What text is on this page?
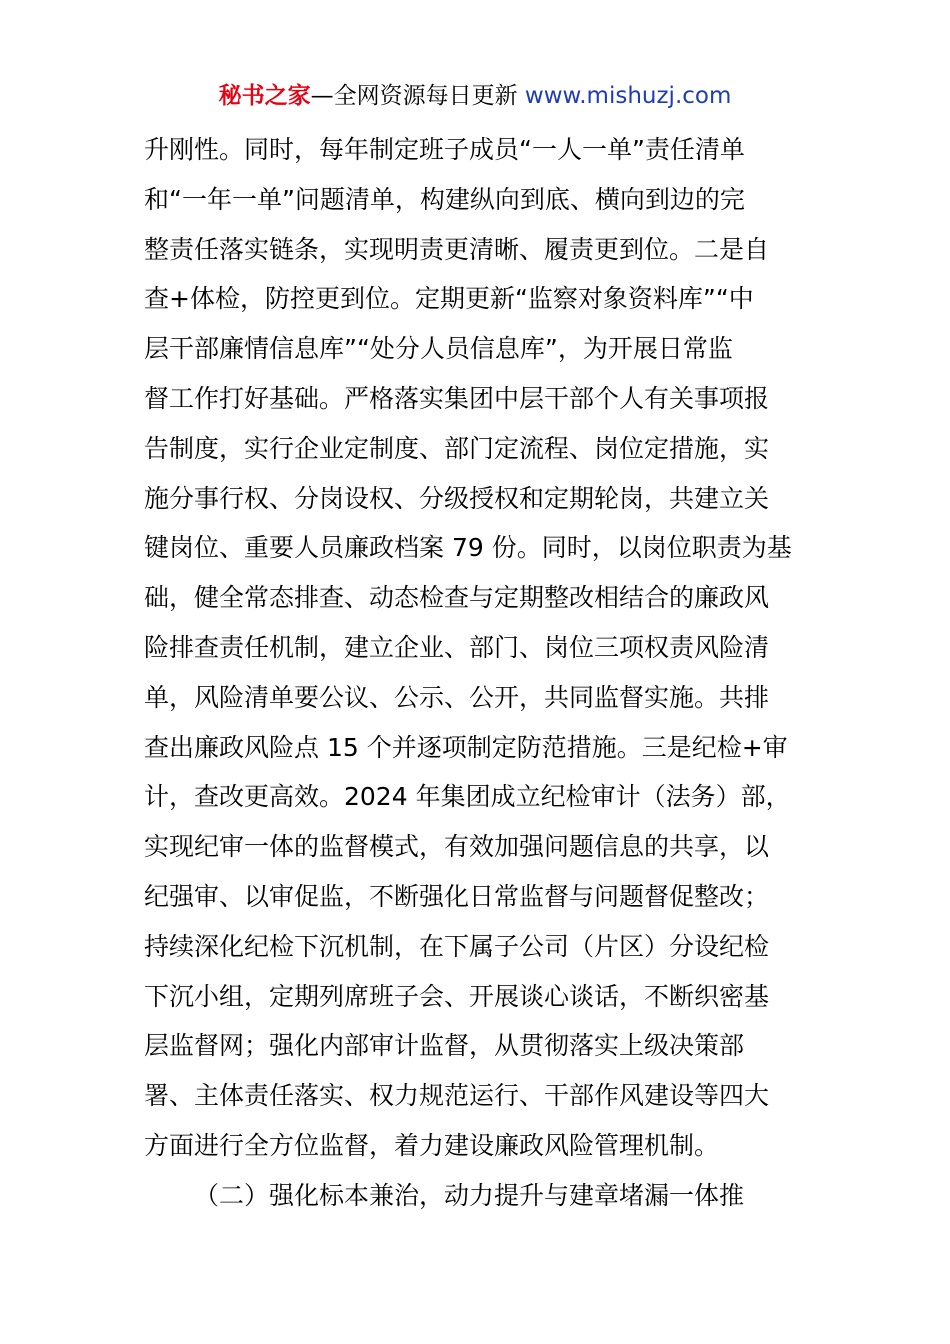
秘书之家—全网资源每日更新 www.mishuzj.com
升刚性。同时，每年制定班子成员“一人一单”责任清单
和“一年一单”问题清单，构建纵向到底、横向到边的完
整责任落实链条，实现明责更清晰、履责更到位。二是自
查+体检，防控更到位。定期更新“监察对象资料库”“中
层干部廉情信息库”“处分人员信息库”，为开展日常监
督工作打好基础。严格落实集团中层干部个人有关事项报
告制度，实行企业定制度、部门定流程、岗位定措施，实
施分事行权、分岗设权、分级授权和定期轮岗，共建立关
键岗位、重要人员廉政档案 79 份。同时，以岗位职责为基
础，健全常态排查、动态检查与定期整改相结合的廉政风
险排查责任机制，建立企业、部门、岗位三项权责风险清
单，风险清单要公议、公示、公开，共同监督实施。共排
查出廉政风险点 15 个并逐项制定防范措施。三是纪检+审
计，查改更高效。2024 年集团成立纪检审计（法务）部，
实现纪审一体的监督模式，有效加强问题信息的共享，以
纪强审、以审促监，不断强化日常监督与问题督促整改；
持续深化纪检下沉机制，在下属子公司（片区）分设纪检
下沉小组，定期列席班子会、开展谈心谈话，不断织密基
层监督网；强化内部审计监督，从贯彻落实上级决策部
署、主体责任落实、权力规范运行、干部作风建设等四大
方面进行全方位监督，着力建设廉政风险管理机制。
（二）强化标本兼治，动力提升与建章堵漏一体推
